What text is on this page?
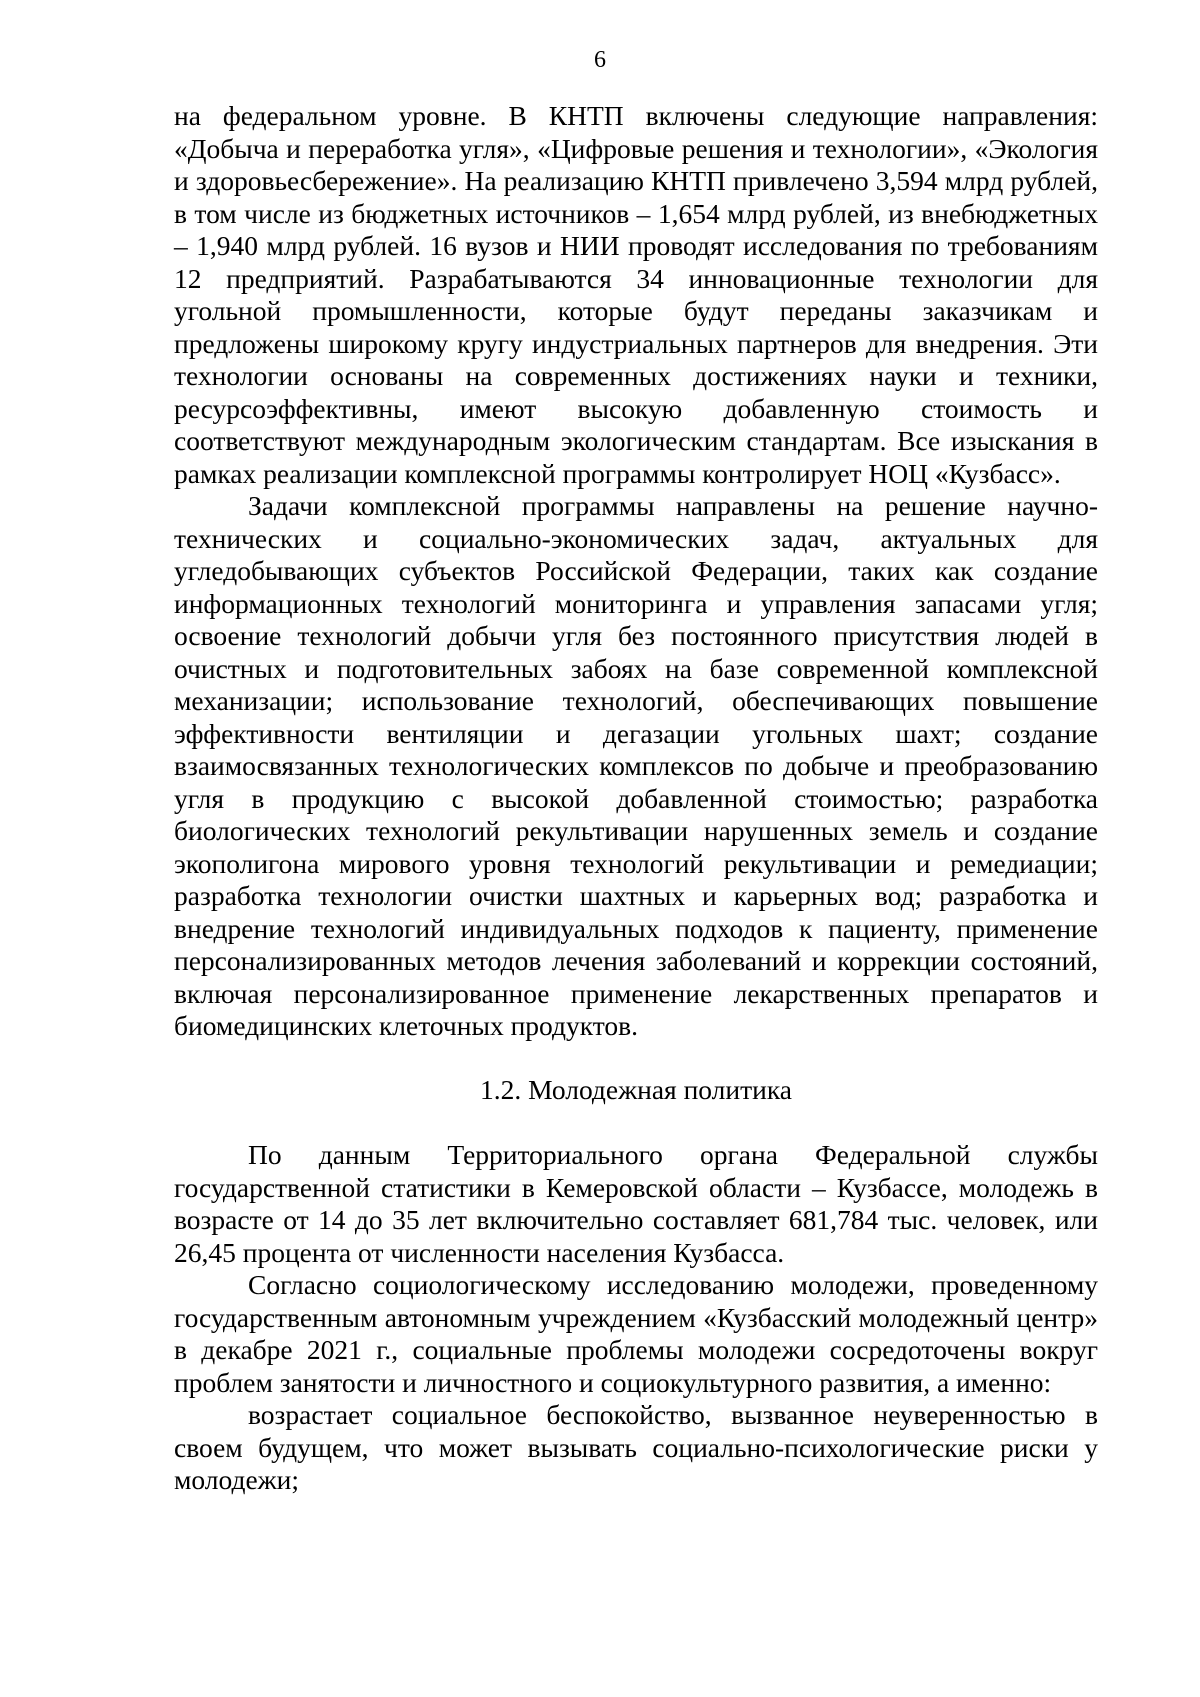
6

на федеральном уровне. В КНТП включены следующие направления: «Добыча и переработка угля», «Цифровые решения и технологии», «Экология и здоровьесбережение». На реализацию КНТП привлечено 3,594 млрд рублей, в том числе из бюджетных источников – 1,654 млрд рублей, из внебюджетных – 1,940 млрд рублей. 16 вузов и НИИ проводят исследования по требованиям 12 предприятий. Разрабатываются 34 инновационные технологии для угольной промышленности, которые будут переданы заказчикам и предложены широкому кругу индустриальных партнеров для внедрения. Эти технологии основаны на современных достижениях науки и техники, ресурсоэффективны, имеют высокую добавленную стоимость и соответствуют международным экологическим стандартам. Все изыскания в рамках реализации комплексной программы контролирует НОЦ «Кузбасс».

Задачи комплексной программы направлены на решение научно-технических и социально-экономических задач, актуальных для угледобывающих субъектов Российской Федерации, таких как создание информационных технологий мониторинга и управления запасами угля; освоение технологий добычи угля без постоянного присутствия людей в очистных и подготовительных забоях на базе современной комплексной механизации; использование технологий, обеспечивающих повышение эффективности вентиляции и дегазации угольных шахт; создание взаимосвязанных технологических комплексов по добыче и преобразованию угля в продукцию с высокой добавленной стоимостью; разработка биологических технологий рекультивации нарушенных земель и создание экополигона мирового уровня технологий рекультивации и ремедиации; разработка технологии очистки шахтных и карьерных вод; разработка и внедрение технологий индивидуальных подходов к пациенту, применение персонализированных методов лечения заболеваний и коррекции состояний, включая персонализированное применение лекарственных препаратов и биомедицинских клеточных продуктов.

1.2. Молодежная политика

По данным Территориального органа Федеральной службы государственной статистики в Кемеровской области – Кузбассе, молодежь в возрасте от 14 до 35 лет включительно составляет 681,784 тыс. человек, или 26,45 процента от численности населения Кузбасса.

Согласно социологическому исследованию молодежи, проведенному государственным автономным учреждением «Кузбасский молодежный центр» в декабре 2021 г., социальные проблемы молодежи сосредоточены вокруг проблем занятости и личностного и социокультурного развития, а именно:

возрастает социальное беспокойство, вызванное неуверенностью в своем будущем, что может вызывать социально-психологические риски у молодежи;
